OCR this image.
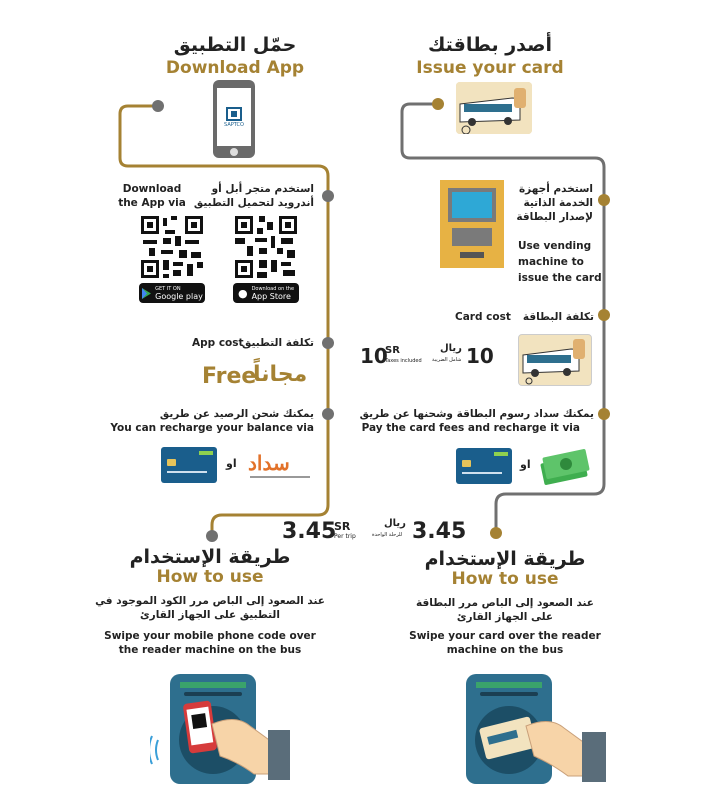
حمّل التطبيق
Download App
SAPTCO
Download
the App via
استخدم متجر أبل أو
أندرويد لتحميل التطبيق
GET IT ON
Google play	● Download on the
App Store
App cost
تكلفة التطبيق
Free
مجاناً
يمكنك شحن الرصيد عن طريق
You can recharge your balance via
او سداد
3.45
SR
Per trip
طريقة الإستخدام
How to use
عند الصعود إلى الباص مرر الكود الموجود في
التطبيق على الجهاز القارئ
Swipe your mobile phone code over
the reader machine on the bus
أصدر بطاقتك
Issue your card
استخدم أجهزة
الخدمة الذاتية
لإصدار البطاقة
Use vending
machine to
issue the card
Card cost	تكلفة البطاقة
10
SR
Taxes included
ريال
شامل الضريبة 10
يمكنك سداد رسوم البطاقة وشحنها عن طريق
Pay the card fees and recharge it via
او
ريال
للرحلة الواحدة 3.45
طريقة الإستخدام
How to use
عند الصعود إلى الباص مرر البطاقة
على الجهاز القارئ
Swipe your card over the reader
machine on the bus
